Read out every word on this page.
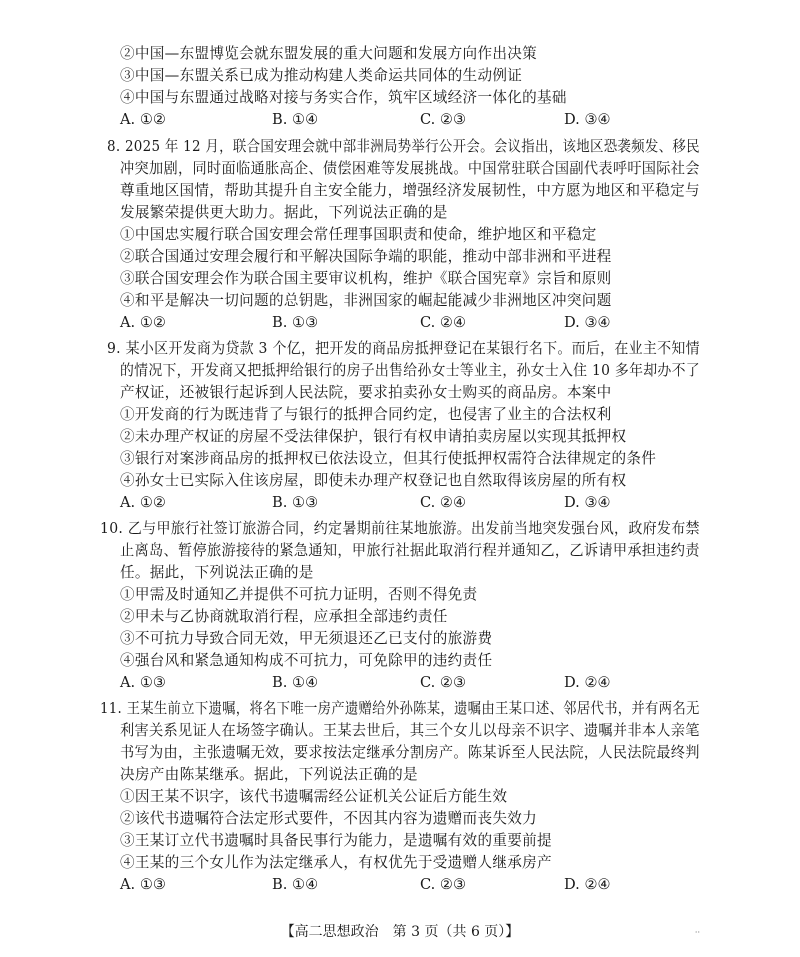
②中国—东盟博览会就东盟发展的重大问题和发展方向作出决策
③中国—东盟关系已成为推动构建人类命运共同体的生动例证
④中国与东盟通过战略对接与务实合作，筑牢区域经济一体化的基础
A. ①②	B. ①④	C. ②③	D. ③④
8. 2025 年 12 月，联合国安理会就中部非洲局势举行公开会。会议指出，该地区恐袭频发、移民
冲突加剧，同时面临通胀高企、债偿困难等发展挑战。中国常驻联合国副代表呼吁国际社会
尊重地区国情，帮助其提升自主安全能力，增强经济发展韧性，中方愿为地区和平稳定与
发展繁荣提供更大助力。据此，下列说法正确的是
①中国忠实履行联合国安理会常任理事国职责和使命，维护地区和平稳定
②联合国通过安理会履行和平解决国际争端的职能，推动中部非洲和平进程
③联合国安理会作为联合国主要审议机构，维护《联合国宪章》宗旨和原则
④和平是解决一切问题的总钥匙，非洲国家的崛起能减少非洲地区冲突问题
A. ①②	B. ①③	C. ②④	D. ③④
9. 某小区开发商为贷款 3 个亿，把开发的商品房抵押登记在某银行名下。而后，在业主不知情
的情况下，开发商又把抵押给银行的房子出售给孙女士等业主，孙女士入住 10 多年却办不了
产权证，还被银行起诉到人民法院，要求拍卖孙女士购买的商品房。本案中
①开发商的行为既违背了与银行的抵押合同约定，也侵害了业主的合法权利
②未办理产权证的房屋不受法律保护，银行有权申请拍卖房屋以实现其抵押权
③银行对案涉商品房的抵押权已依法设立，但其行使抵押权需符合法律规定的条件
④孙女士已实际入住该房屋，即使未办理产权登记也自然取得该房屋的所有权
A. ①②	B. ①③	C. ②④	D. ③④
10. 乙与甲旅行社签订旅游合同，约定暑期前往某地旅游。出发前当地突发强台风，政府发布禁
止离岛、暂停旅游接待的紧急通知，甲旅行社据此取消行程并通知乙，乙诉请甲承担违约责
任。据此，下列说法正确的是
①甲需及时通知乙并提供不可抗力证明，否则不得免责
②甲未与乙协商就取消行程，应承担全部违约责任
③不可抗力导致合同无效，甲无须退还乙已支付的旅游费
④强台风和紧急通知构成不可抗力，可免除甲的违约责任
A. ①③	B. ①④	C. ②③	D. ②④
11. 王某生前立下遗嘱，将名下唯一房产遗赠给外孙陈某，遗嘱由王某口述、邻居代书，并有两名无
利害关系见证人在场签字确认。王某去世后，其三个女儿以母亲不识字、遗嘱并非本人亲笔
书写为由，主张遗嘱无效，要求按法定继承分割房产。陈某诉至人民法院，人民法院最终判
决房产由陈某继承。据此，下列说法正确的是
①因王某不识字，该代书遗嘱需经公证机关公证后方能生效
②该代书遗嘱符合法定形式要件，不因其内容为遗赠而丧失效力
③王某订立代书遗嘱时具备民事行为能力，是遗嘱有效的重要前提
④王某的三个女儿作为法定继承人，有权优先于受遗赠人继承房产
A. ①③	B. ①④	C. ②③	D. ②④
【高二思想政治　第 3 页（共 6 页）】	··
